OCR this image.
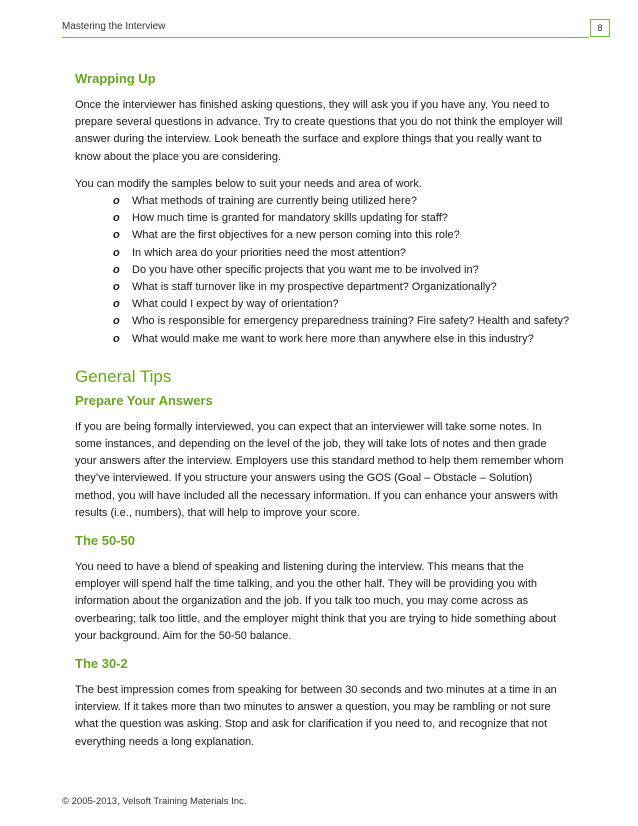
Mastering the Interview	8
Wrapping Up

Once the interviewer has finished asking questions, they will ask you if you have any. You need to prepare several questions in advance. Try to create questions that you do not think the employer will answer during the interview. Look beneath the surface and explore things that you really want to know about the place you are considering.

You can modify the samples below to suit your needs and area of work.

o What methods of training are currently being utilized here?
o How much time is granted for mandatory skills updating for staff?
o What are the first objectives for a new person coming into this role?
o In which area do your priorities need the most attention?
o Do you have other specific projects that you want me to be involved in?
o What is staff turnover like in my prospective department? Organizationally?
o What could I expect by way of orientation?
o Who is responsible for emergency preparedness training? Fire safety? Health and safety?
o What would make me want to work here more than anywhere else in this industry?
General Tips
Prepare Your Answers

If you are being formally interviewed, you can expect that an interviewer will take some notes. In some instances, and depending on the level of the job, they will take lots of notes and then grade your answers after the interview. Employers use this standard method to help them remember whom they’ve interviewed. If you structure your answers using the GOS (Goal – Obstacle – Solution) method, you will have included all the necessary information. If you can enhance your answers with results (i.e., numbers), that will help to improve your score.

The 50-50

You need to have a blend of speaking and listening during the interview. This means that the employer will spend half the time talking, and you the other half. They will be providing you with information about the organization and the job. If you talk too much, you may come across as overbearing; talk too little, and the employer might think that you are trying to hide something about your background. Aim for the 50-50 balance.

The 30-2

The best impression comes from speaking for between 30 seconds and two minutes at a time in an interview. If it takes more than two minutes to answer a question, you may be rambling or not sure what the question was asking. Stop and ask for clarification if you need to, and recognize that not everything needs a long explanation.

© 2005-2013, Velsoft Training Materials Inc.
